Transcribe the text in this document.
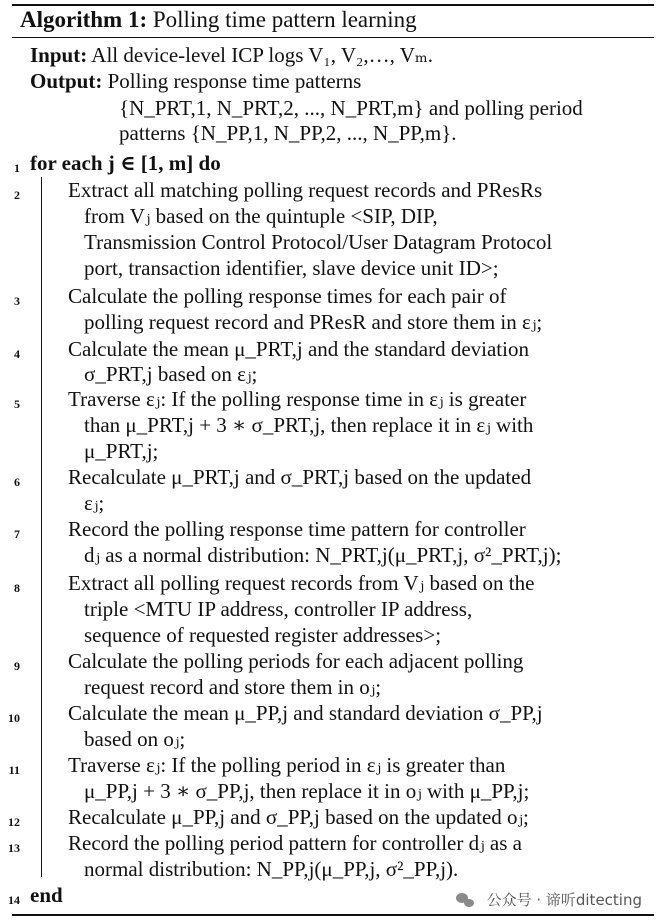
Algorithm 1: Polling time pattern learning
Input: All device-level ICP logs V₁, V₂,…, Vₘ.
Output: Polling response time patterns
{N_PRT,1, N_PRT,2, ..., N_PRT,m} and polling period
patterns {N_PP,1, N_PP,2, ..., N_PP,m}.
1 for each j ∈ [1, m] do
2 Extract all matching polling request records and PResRs
from Vⱼ based on the quintuple <SIP, DIP,
Transmission Control Protocol/User Datagram Protocol
port, transaction identifier, slave device unit ID>;
3 Calculate the polling response times for each pair of
polling request record and PResR and store them in εⱼ;
4 Calculate the mean μ_PRT,j and the standard deviation
σ_PRT,j based on εⱼ;
5 Traverse εⱼ: If the polling response time in εⱼ is greater
than μ_PRT,j + 3 ∗ σ_PRT,j, then replace it in εⱼ with
μ_PRT,j;
6 Recalculate μ_PRT,j and σ_PRT,j based on the updated
εⱼ;
7 Record the polling response time pattern for controller
dⱼ as a normal distribution: N_PRT,j(μ_PRT,j, σ²_PRT,j);
8 Extract all polling request records from Vⱼ based on the
triple <MTU IP address, controller IP address,
sequence of requested register addresses>;
9 Calculate the polling periods for each adjacent polling
request record and store them in oⱼ;
10 Calculate the mean μ_PP,j and standard deviation σ_PP,j
based on oⱼ;
11 Traverse εⱼ: If the polling period in εⱼ is greater than
μ_PP,j + 3 ∗ σ_PP,j, then replace it in oⱼ with μ_PP,j;
12 Recalculate μ_PP,j and σ_PP,j based on the updated oⱼ;
13 Record the polling period pattern for controller dⱼ as a
normal distribution: N_PP,j(μ_PP,j, σ²_PP,j).
14 end	公众号 · 谛听ditecting
